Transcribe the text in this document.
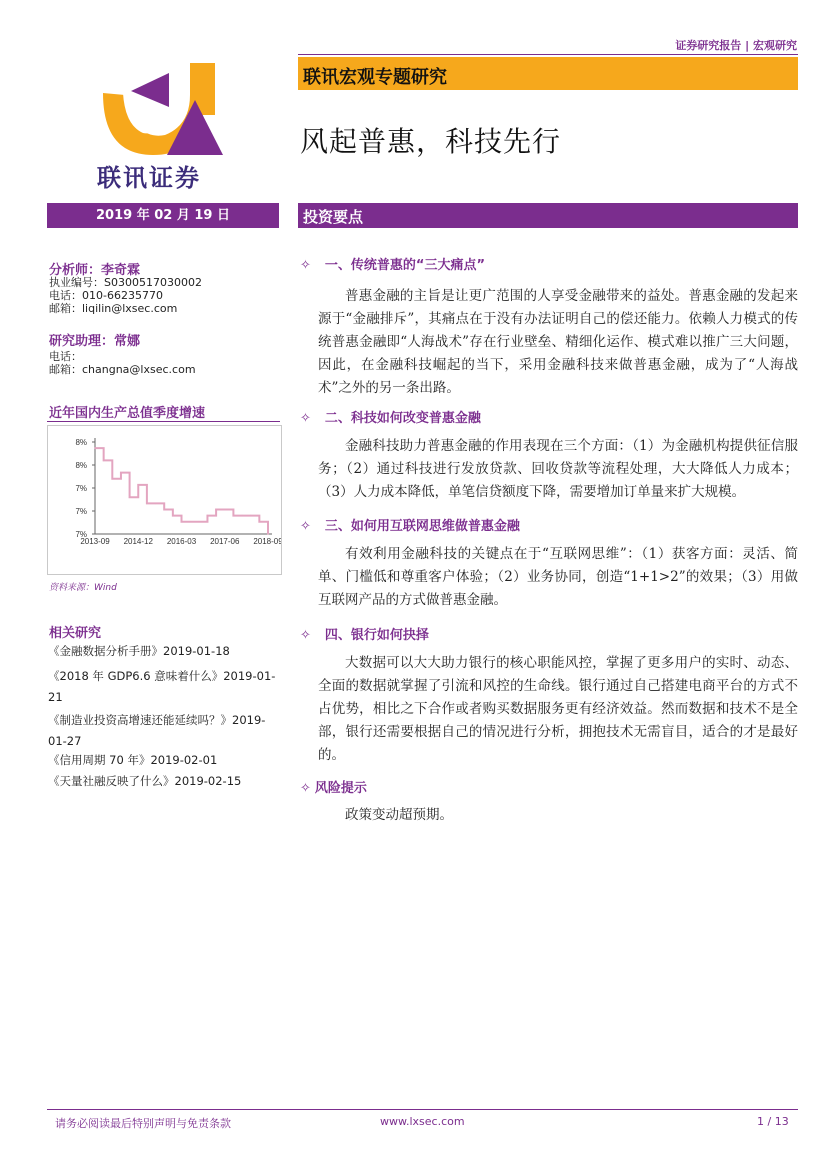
证券研究报告 | 宏观研究
联讯宏观专题研究
风起普惠，科技先行
联讯证券
2019 年 02 月 19 日	投资要点
分析师：李奇霖
执业编号：S0300517030002
电话：010-66235770
邮箱：liqilin@lxsec.com
研究助理：常娜
电话：
邮箱：changna@lxsec.com
近年国内生产总值季度增速
8%
8%
7%
7%
7%
2013-09 2014-12 2016-03 2017-06 2018-09
资料来源：Wind
相关研究
《金融数据分析手册》2019-01-18
《2018 年 GDP6.6 意味着什么》2019-01-21
《制造业投资高增速还能延续吗？》2019-01-27
《信用周期 70 年》2019-02-01
《天量社融反映了什么》2019-02-15
✧ 一、传统普惠的“三大痛点”
普惠金融的主旨是让更广范围的人享受金融带来的益处。普惠金融的发起来源于“金融排斥”，其痛点在于没有办法证明自己的偿还能力。依赖人力模式的传统普惠金融即“人海战术”存在行业壁垒、精细化运作、模式难以推广三大问题，因此，在金融科技崛起的当下，采用金融科技来做普惠金融，成为了“人海战术”之外的另一条出路。
✧ 二、科技如何改变普惠金融
金融科技助力普惠金融的作用表现在三个方面：（1）为金融机构提供征信服务；（2）通过科技进行发放贷款、回收贷款等流程处理，大大降低人力成本；（3）人力成本降低，单笔信贷额度下降，需要增加订单量来扩大规模。
✧ 三、如何用互联网思维做普惠金融
有效利用金融科技的关键点在于“互联网思维”：（1）获客方面：灵活、简单、门槛低和尊重客户体验；（2）业务协同，创造“1+1>2”的效果；（3）用做互联网产品的方式做普惠金融。
✧ 四、银行如何抉择
大数据可以大大助力银行的核心职能风控，掌握了更多用户的实时、动态、全面的数据就掌握了引流和风控的生命线。银行通过自己搭建电商平台的方式不占优势，相比之下合作或者购买数据服务更有经济效益。然而数据和技术不是全部，银行还需要根据自己的情况进行分析，拥抱技术无需盲目，适合的才是最好的。
✧ 风险提示
政策变动超预期。
请务必阅读最后特别声明与免责条款	www.lxsec.com	1 / 13
